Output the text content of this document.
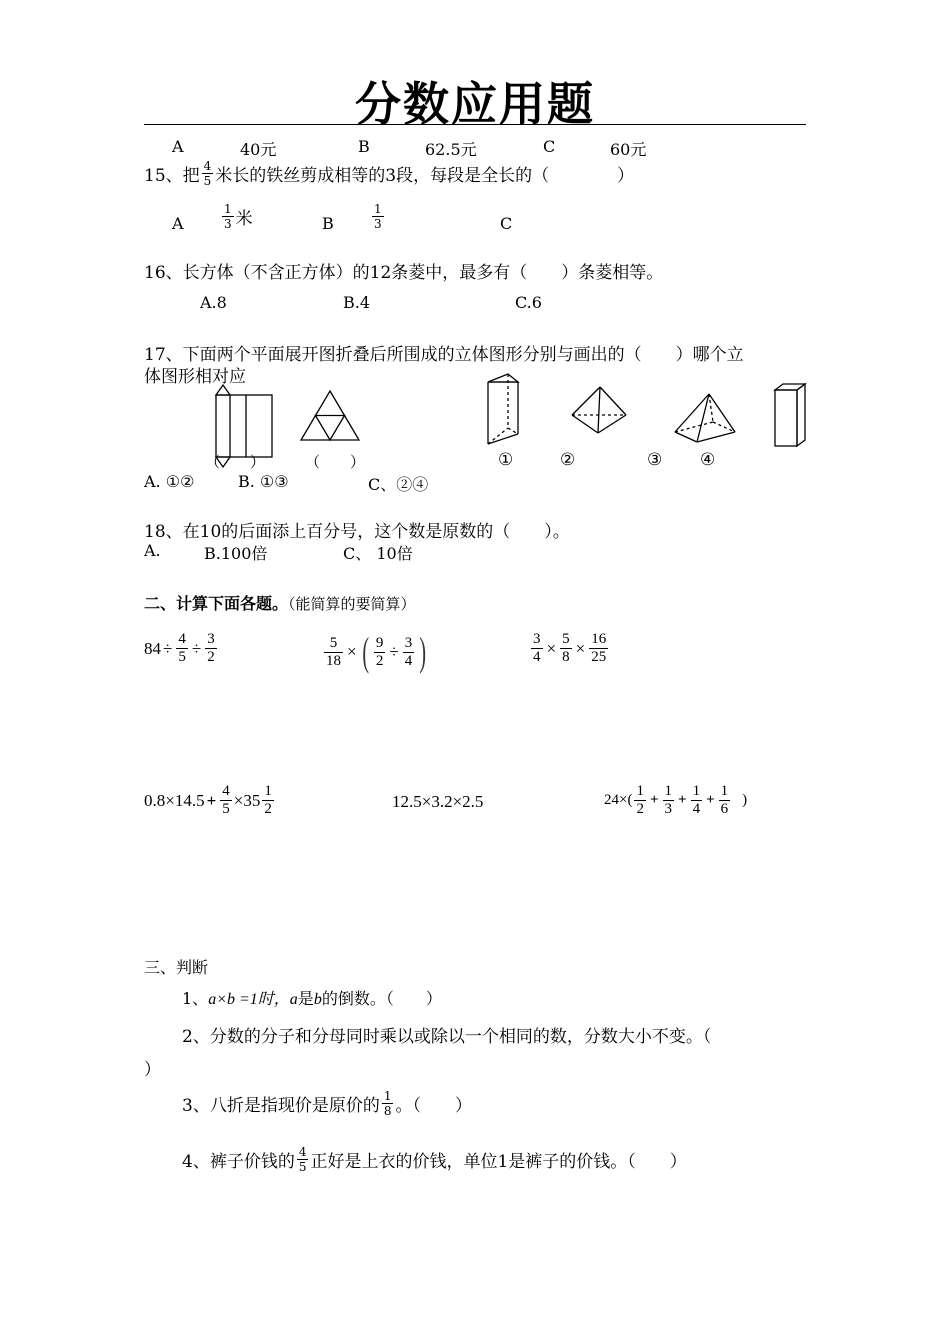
分数应用题
A	40元	B	62.5元	C	60元
15、把 $\frac{4}{5}$ 米长的铁丝剪成相等的3段，每段是全长的（　　　　）
A	$\frac{1}{3}$ 米	B	$\frac{1}{3}$	C
16、长方体（不含正方体）的12条菱中，最多有（　　）条菱相等。
A.8	B.4	C.6
17、下面两个平面展开图折叠后所围成的立体图形分别与画出的（　　）哪个立
体图形相对应
（　　）	（　　）	①	②	③ ④
A. ①②	B. ①③	C、②④
18、在10的后面添上百分号，这个数是原数的（　　）。
A.	B.100倍	C、 10倍
二、计算下面各题。（能简算的要简算）
$84 \div \frac{4}{5} \div \frac{3}{2}$	$\frac{5}{18}$ × ( $\frac{9}{2} \div \frac{3}{4}$ )	$\frac{3}{4} \times \frac{5}{8} \times \frac{16}{25}$
$0.8\times 14.5 + \frac{4}{5} \times 35 \frac{1}{2}$	12.5×3.2×2.5	$24\times( \frac{1}{2} + \frac{1}{3} + \frac{1}{4} + \frac{1}{6}$ )
三、判断
1、 a×b =1时， a 是 b 的倒数。（　　）
2、分数的分子和分母同时乘以或除以一个相同的数，分数大小不变。（
）
3、八折是指现价是原价的 $\frac{1}{8}$ 。（　　）
4、裤子价钱的 $\frac{4}{5}$ 正好是上衣的价钱，单位1是裤子的价钱。（　　）
